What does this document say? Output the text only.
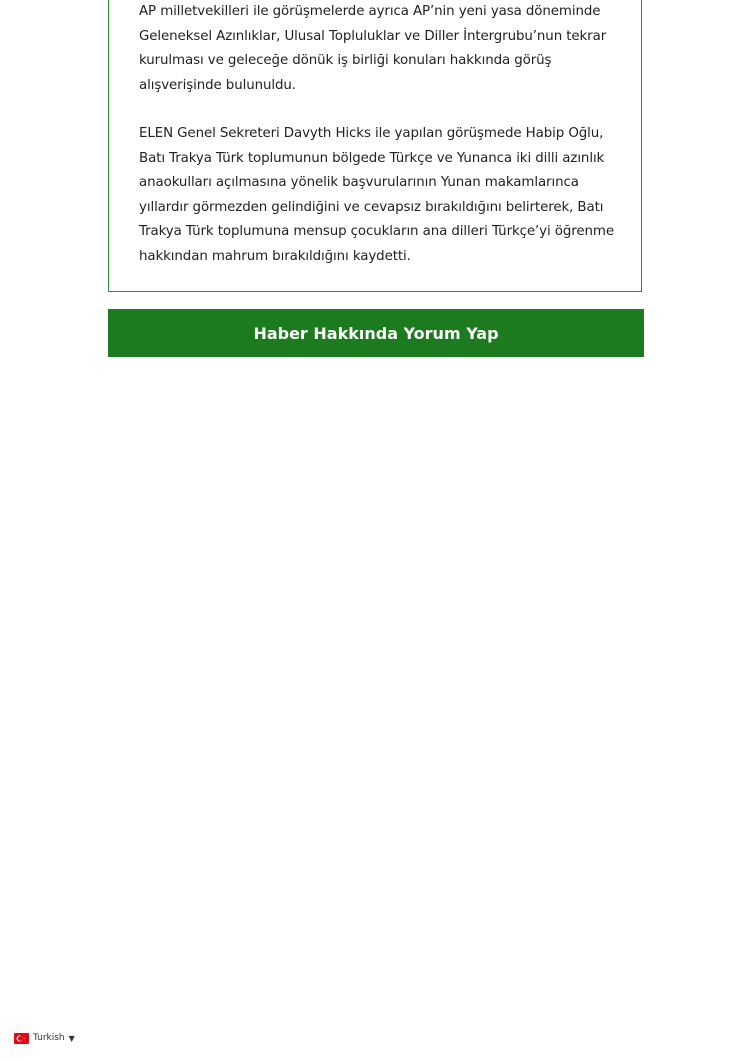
AP milletvekilleri ile görüşmelerde ayrıca AP’nin yeni yasa döneminde Geleneksel Azınlıklar, Ulusal Topluluklar ve Diller İntergrubu’nun tekrar kurulması ve geleceğe dönük iş birliği konuları hakkında görüş alışverişinde bulunuldu.

ELEN Genel Sekreteri Davyth Hicks ile yapılan görüşmede Habip Oğlu, Batı Trakya Türk toplumunun bölgede Türkçe ve Yunanca iki dilli azınlık anaokulları açılmasına yönelik başvurularının Yunan makamlarınca yıllardır görmezden gelindiğini ve cevapsız bırakıldığını belirterek, Batı Trakya Türk toplumuna mensup çocukların ana dilleri Türkçe’yi öğrenme hakkından mahrum bırakıldığını kaydetti.

Haber Hakkında Yorum Yap
Turkish ▼
